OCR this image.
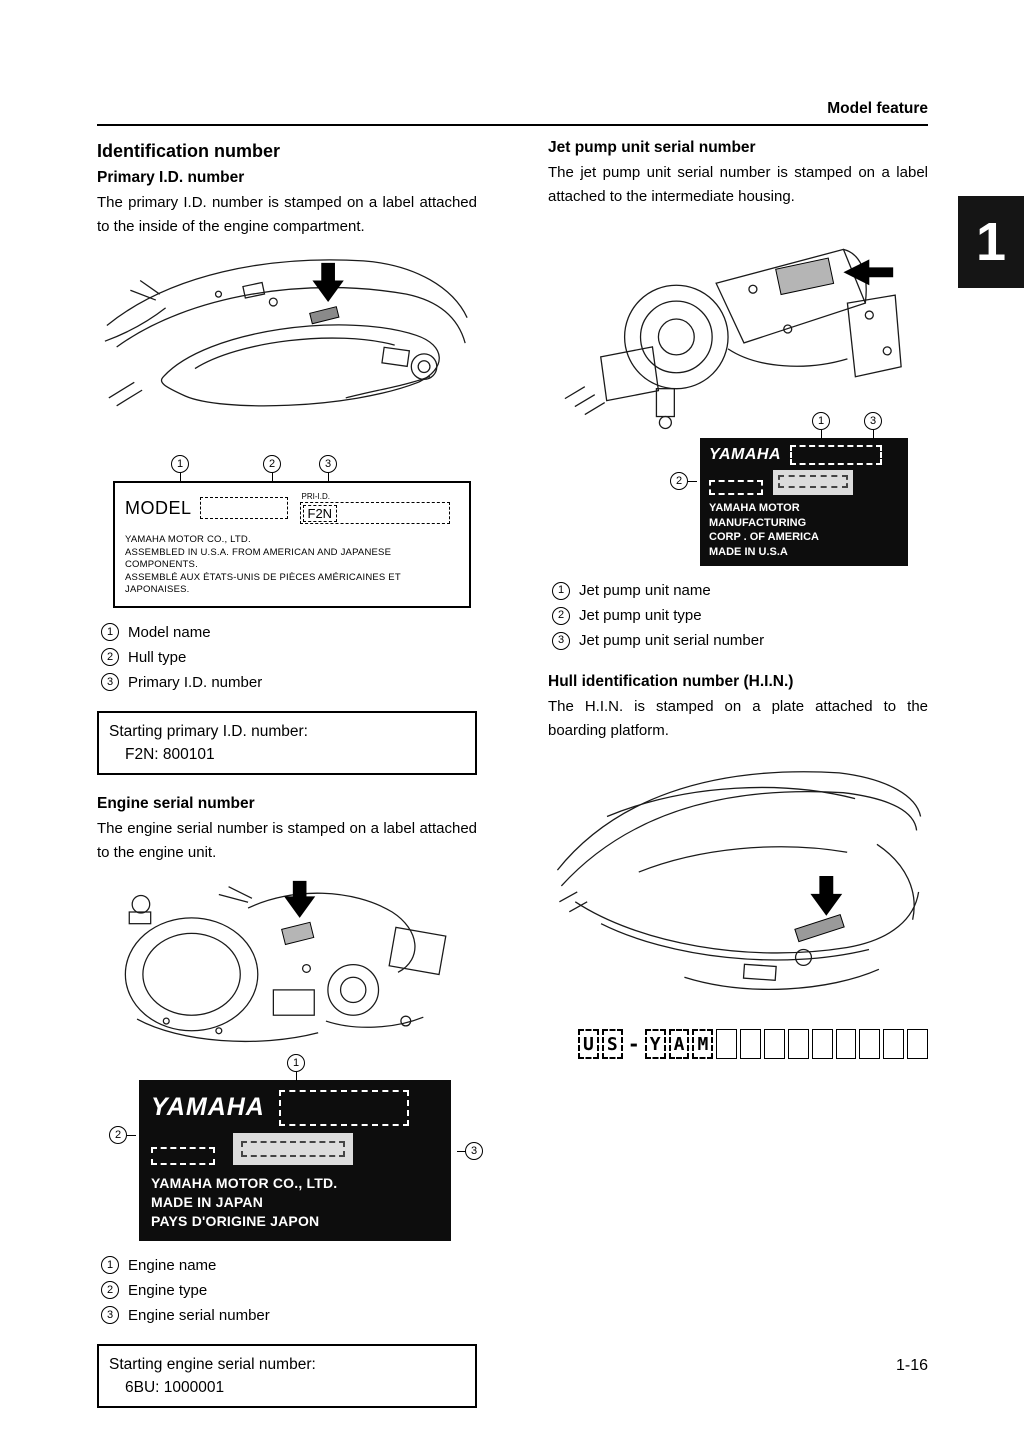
1
Model feature
Identification number
Primary I.D. number

The primary I.D. number is stamped on a label attached to the inside of the engine compartment.

1	2	3
MODEL
PRI-I.D.
F2N
YAMAHA MOTOR CO., LTD.
ASSEMBLED IN U.S.A. FROM AMERICAN AND JAPANESE
COMPONENTS.
ASSEMBLÉ AUX ÉTATS-UNIS DE PIÈCES AMÉRICAINES ET
JAPONAISES.
1 Model name
2 Hull type
3 Primary I.D. number
Starting primary I.D. number:
F2N: 800101
Engine serial number

The engine serial number is stamped on a label attached to the engine unit.

1
2
3
YAMAHA
YAMAHA MOTOR CO., LTD.
MADE IN JAPAN
PAYS D'ORIGINE JAPON
1 Engine name
2 Engine type
3 Engine serial number
Starting engine serial number:
6BU: 1000001
Jet pump unit serial number

The jet pump unit serial number is stamped on a label attached to the intermediate housing.

1	3
2
YAMAHA
YAMAHA MOTOR MANUFACTURING
CORP . OF AMERICA
MADE IN U.S.A
1 Jet pump unit name
2 Jet pump unit type
3 Jet pump unit serial number
Hull identification number (H.I.N.)

The H.I.N. is stamped on a plate attached to the boarding platform.

U S - Y A M
1-16
